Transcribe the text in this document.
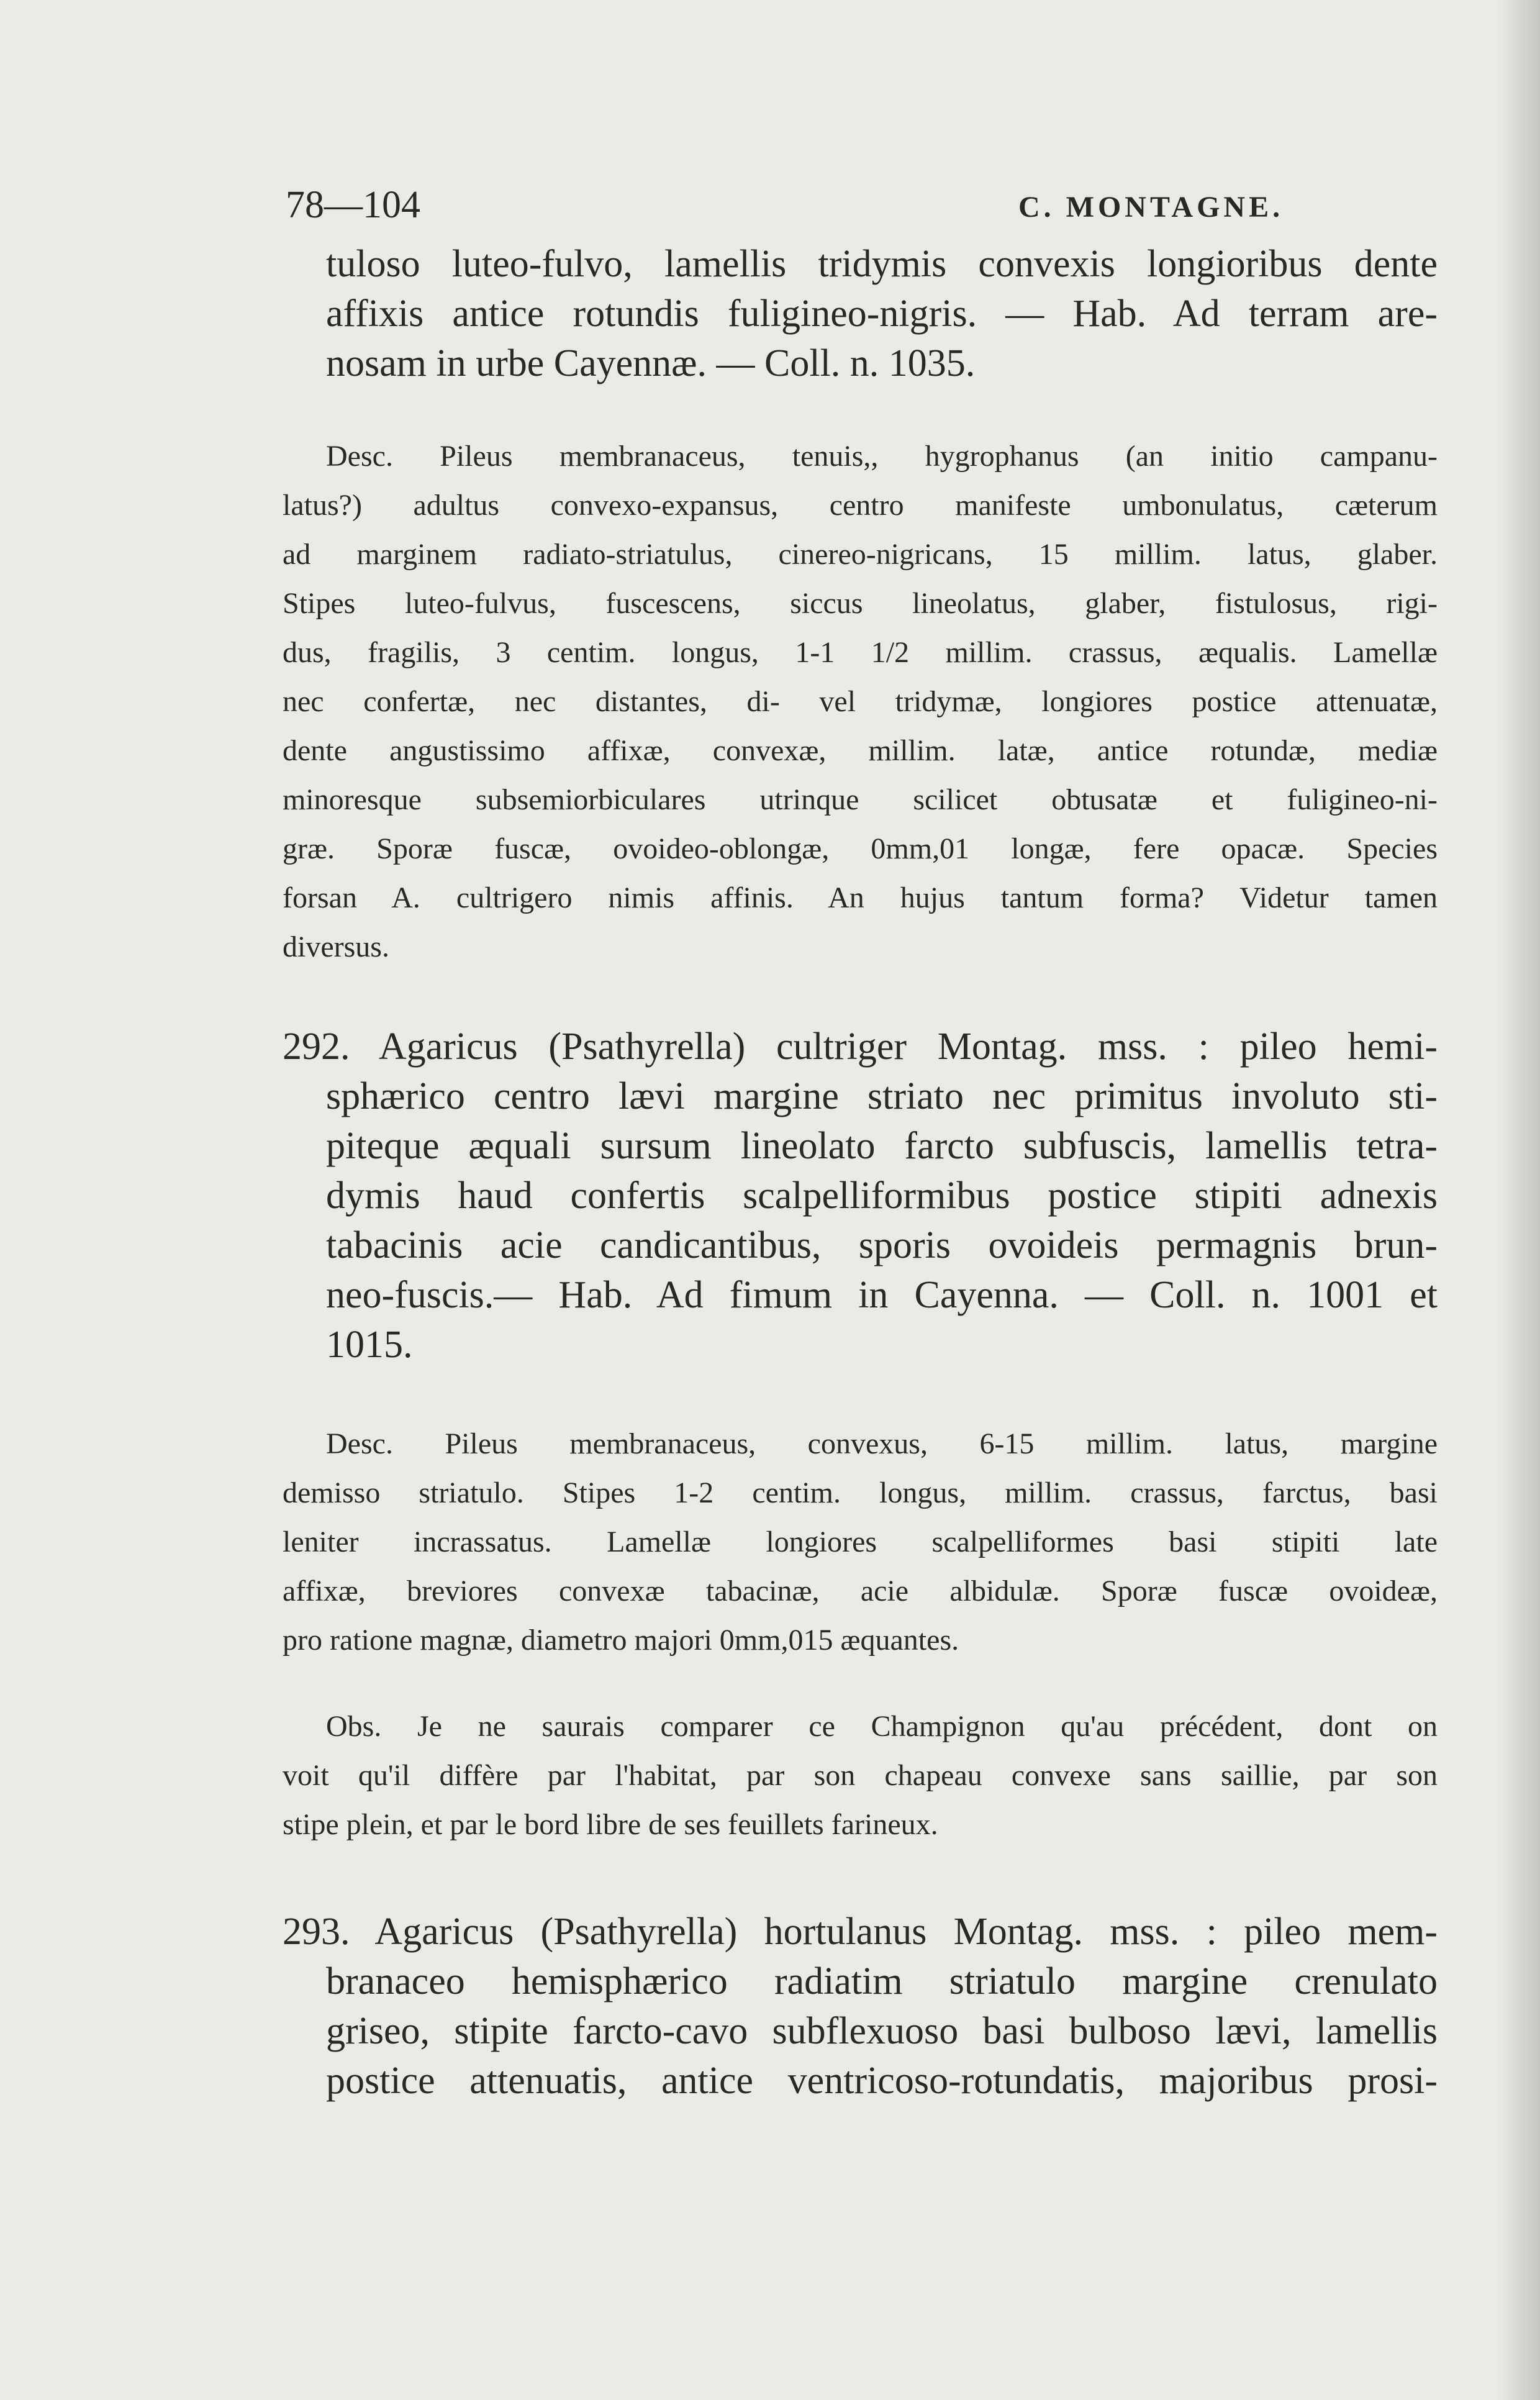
78—104	C. MONTAGNE.

tuloso luteo-fulvo, lamellis tridymis convexis longioribus dente

affixis antice rotundis fuligineo-nigris. — Hab. Ad terram are-

nosam in urbe Cayennæ. — Coll. n. 1035.

Desc. Pileus membranaceus, tenuis,, hygrophanus (an initio campanu-

latus?) adultus convexo-expansus, centro manifeste umbonulatus, cæterum

ad marginem radiato-striatulus, cinereo-nigricans, 15 millim. latus, glaber.

Stipes luteo-fulvus, fuscescens, siccus lineolatus, glaber, fistulosus, rigi-

dus, fragilis, 3 centim. longus, 1-1 1/2 millim. crassus, æqualis. Lamellæ

nec confertæ, nec distantes, di- vel tridymæ, longiores postice attenuatæ,

dente angustissimo affixæ, convexæ, millim. latæ, antice rotundæ, mediæ

minoresque subsemiorbiculares utrinque scilicet obtusatæ et fuligineo-ni-

græ. Sporæ fuscæ, ovoideo-oblongæ, 0mm,01 longæ, fere opacæ. Species

forsan A. cultrigero nimis affinis. An hujus tantum forma? Videtur tamen

diversus.

292. Agaricus (Psathyrella) cultriger Montag. mss. : pileo hemi-

sphærico centro lævi margine striato nec primitus involuto sti-

piteque æquali sursum lineolato farcto subfuscis, lamellis tetra-

dymis haud confertis scalpelliformibus postice stipiti adnexis

tabacinis acie candicantibus, sporis ovoideis permagnis brun-

neo-fuscis.— Hab. Ad fimum in Cayenna. — Coll. n. 1001 et

1015.

Desc. Pileus membranaceus, convexus, 6-15 millim. latus, margine

demisso striatulo. Stipes 1-2 centim. longus, millim. crassus, farctus, basi

leniter incrassatus. Lamellæ longiores scalpelliformes basi stipiti late

affixæ, breviores convexæ tabacinæ, acie albidulæ. Sporæ fuscæ ovoideæ,

pro ratione magnæ, diametro majori 0mm,015 æquantes.

Obs. Je ne saurais comparer ce Champignon qu'au précédent, dont on

voit qu'il diffère par l'habitat, par son chapeau convexe sans saillie, par son

stipe plein, et par le bord libre de ses feuillets farineux.

293. Agaricus (Psathyrella) hortulanus Montag. mss. : pileo mem-

branaceo hemisphærico radiatim striatulo margine crenulato

griseo, stipite farcto-cavo subflexuoso basi bulboso lævi, lamellis

postice attenuatis, antice ventricoso-rotundatis, majoribus prosi-
